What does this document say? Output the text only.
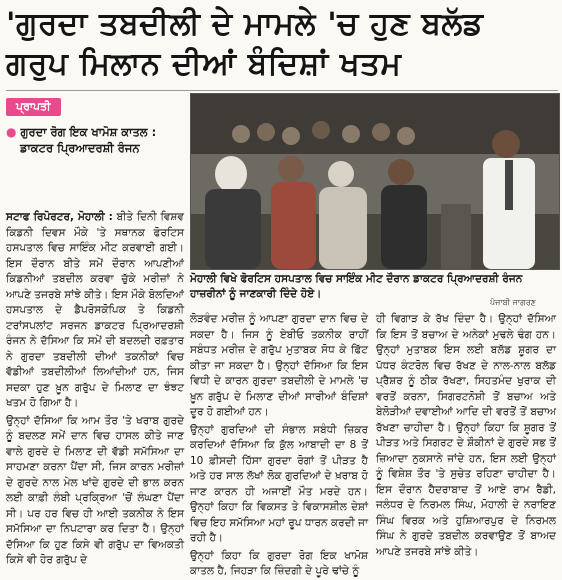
'ਗੁਰਦਾ ਤਬਦੀਲੀ ਦੇ ਮਾਮਲੇ 'ਚ ਹੁਣ ਬਲੱਡ
ਗਰੁਪ ਮਿਲਾਨ ਦੀਆਂ ਬੰਦਿਸ਼ਾਂ ਖਤਮ
ਪ੍ਰਾਪਤੀ
● ਗੁਰਦਾ ਰੋਗ ਇਕ ਖਾਮੋਸ਼ ਕਾਤਲ :
ਡਾਕਟਰ ਪ੍ਰਿਆਦਰਸ਼ੀ ਰੰਜਨ
ਮੋਹਾਲੀ ਵਿਖੇ ਫੋਰਟਿਸ ਹਸਪਤਾਲ ਵਿਚ ਸਾਇੰਕ ਮੀਟ ਦੌਰਾਨ ਡਾਕਟਰ ਪ੍ਰਿਆਦਰਸ਼ੀ ਰੰਜਨ ਹਾਜ਼ਰੀਨਾਂ ਨੂੰ ਜਾਣਕਾਰੀ ਦਿੰਦੇ ਹੋਏ।
ਪੰਜਾਬੀ ਜਾਗਰਣ

ਸਟਾਫ ਰਿਪੋਰਟਰ, ਮੋਹਾਲੀ : ਬੀਤੇ ਦਿਨੀ ਵਿਸ਼ਵ ਕਿਡਨੀ ਦਿਵਸ ਮੌਕੇ 'ਤੇ ਸਥਾਨਕ ਫੋਰਟਿਸ ਹਸਪਤਾਲ ਵਿਚ ਸਾਇੰਕ ਮੀਟ ਕਰਵਾਈ ਗਈ। ਇਸ ਦੌਰਾਨ ਬੀਤੇ ਸਮੇਂ ਦੌਰਾਨ ਆਪਣੀਆਂ ਕਿਡਨੀਆਂ ਤਬਦੀਲ ਕਰਵਾ ਚੁੱਕੇ ਮਰੀਜ਼ਾਂ ਨੇ ਆਪਣੇ ਤਜਰਬੇ ਸਾਂਝੇ ਕੀਤੇ। ਇਸ ਮੌਕੇ ਬੋਲਦਿਆਂ ਹਸਪਤਾਲ ਦੇ ਡੈਪਰੋਸਕੋਪਿਕ ਤੇ ਕਿਡਨੀ ਟਰਾਂਸਪਲਾਂਟ ਸਰਜਨ ਡਾਕਟਰ ਪ੍ਰਿਆਦਰਸ਼ੀ ਰੰਜਨ ਨੇ ਦੱਸਿਆ ਕਿ ਸਮੇਂ ਦੀ ਬਦਲਦੀ ਰਫ਼ਤਾਰ ਨੇ ਗੁਰਦਾ ਤਬਦੀਲੀ ਦੀਆਂ ਤਕਨੀਕਾਂ ਵਿਚ ਵੱਡੀਆਂ ਤਬਦੀਲੀਆਂ ਲਿਆਂਦੀਆਂ ਹਨ, ਜਿਸ ਸਦਕਾ ਹੁਣ ਖ਼ੂਨ ਗਰੁੱਪ ਦੇ ਮਿਲਾਣ ਦਾ ਝੰਝਟ ਖਤਮ ਹੋ ਗਿਆ ਹੈ।

ਉਨ੍ਹਾਂ ਦੱਸਿਆ ਕਿ ਆਮ ਤੌਰ 'ਤੇ ਖਰਾਬ ਗੁਰਦੇ ਨੂੰ ਬਦਲਣ ਸਮੇਂ ਦਾਨ ਵਿਚ ਹਾਸਲ ਕੀਤੇ ਜਾਣ ਵਾਲੇ ਗੁਰਦੇ ਦੇ ਮਿਲਾਣ ਦੀ ਵੱਡੀ ਸਮੱਸਿਆ ਦਾ ਸਾਹਮਣਾ ਕਰਨਾ ਪੈਂਦਾ ਸੀ, ਜਿਸ ਕਾਰਨ ਮਰੀਜ਼ਾਂ ਦੇ ਗੁਰਦੇ ਨਾਲ ਮੇਲ ਖਾਂਦੇ ਗੁਰਦੇ ਦੀ ਭਾਲ ਕਰਨ ਲਈ ਕਾਫ਼ੀ ਲੰਬੀ ਪ੍ਰਕ੍ਰਿਆ 'ਚੋਂ ਲੰਘਣਾ ਪੈਂਦਾ ਸੀ। ਪਰ ਹਰ ਵਿਚ ਹੀ ਆਈ ਤਕਨੀਕ ਨੇ ਇਸ ਸਮੱਸਿਆ ਦਾ ਨਿਪਟਾਰਾ ਕਰ ਦਿਤਾ ਹੈ। ਉਨ੍ਹਾਂ ਦੱਸਿਆ ਕਿ ਹੁਣ ਕਿਸੇ ਵੀ ਗਰੁੱਪ ਦਾ ਵਿਅਕਤੀ ਕਿਸੇ ਵੀ ਹੋਰ ਗਰੁੱਪ ਦੇ

ਲੋੜਵੰਦ ਮਰੀਜ਼ ਨੂੰ ਆਪਣਾ ਗੁਰਦਾ ਦਾਨ ਵਿਚ ਦੇ ਸਕਦਾ ਹੈ। ਜਿਸ ਨੂੰ ਏਬੀਓ ਤਕਨੀਕ ਰਾਹੀਂ ਸਬੰਧਤ ਮਰੀਜ਼ ਦੇ ਗਰੁੱਪ ਮੁਤਾਬਕ ਸੋਧ ਕੇ ਫਿੱਟ ਕੀਤਾ ਜਾ ਸਕਦਾ ਹੈ। ਉਨ੍ਹਾਂ ਦੱਸਿਆ ਕਿ ਇਸ ਵਿਧੀ ਦੇ ਕਾਰਨ ਗੁਰਦਾ ਤਬਦੀਲੀ ਦੇ ਮਾਮਲੇ 'ਚ ਖ਼ੂਨ ਗਰੁੱਪ ਦੇ ਮਿਲਾਣ ਦੀਆਂ ਸਾਰੀਆਂ ਬੰਦਿਸ਼ਾਂ ਦੂਰ ਹੋ ਗਈਆਂ ਹਨ।

ਉਨ੍ਹਾਂ ਗੁਰਦਿਆਂ ਦੀ ਸੰਭਾਲ ਸਬੰਧੀ ਜ਼ਿਕਰ ਕਰਦਿਆਂ ਦੱਸਿਆ ਕਿ ਕੁੱਲ ਆਬਾਦੀ ਦਾ 8 ਤੋਂ 10 ਫ਼ੀਸਦੀ ਹਿੱਸਾ ਗੁਰਦਾ ਰੋਗਾਂ ਤੋਂ ਪੀੜਤ ਹੈ ਅਤੇ ਹਰ ਸਾਲ ਲੱਖਾਂ ਲੋਕ ਗੁਰਦਿਆਂ ਦੇ ਖ਼ਰਾਬ ਹੋ ਜਾਣ ਕਾਰਨ ਹੀ ਅਜਾਈਂ ਮੌਤ ਮਰਦੇ ਹਨ। ਉਨ੍ਹਾਂ ਕਿਹਾ ਕਿ ਵਿਕਸਤ ਤੇ ਵਿਕਾਸਸ਼ੀਲ ਦੇਸ਼ਾਂ ਵਿਚ ਇਹ ਸਮੱਸਿਆ ਮਹਾਂ ਰੂਪ ਧਾਰਨ ਕਰਦੀ ਜਾ ਰਹੀ ਹੈ।

ਉਨ੍ਹਾਂ ਕਿਹਾ ਕਿ ਗੁਰਦਾ ਰੋਗ ਇਕ ਖਾਮੋਸ਼ ਕਾਤਲ ਹੈ, ਜਿਹੜਾ ਕਿ ਜ਼ਿੰਦਗੀ ਦੇ ਪੂਰੇ ਢਾਂਚੇ ਨੂੰ

ਹੀ ਵਿਗਾੜ ਕੇ ਰੱਖ ਦਿੰਦਾ ਹੈ। ਉਨ੍ਹਾਂ ਦੱਸਿਆ ਕਿ ਇਸ ਤੋਂ ਬਚਾਅ ਦੇ ਅਨੇਕਾਂ ਮੁਢਲੇ ਢੰਗ ਹਨ। ਉਨ੍ਹਾਂ ਮੁਤਾਬਕ ਇਸ ਲਈ ਬਲੱਡ ਸ਼ੂਗਰ ਦਾ ਪੱਧਰ ਕੰਟਰੋਲ ਵਿਚ ਰੱਖਣ ਦੇ ਨਾਲ-ਨਾਲ ਬਲੱਡ ਪ੍ਰੈਸ਼ਰ ਨੂੰ ਠੀਕ ਰੱਖਣਾ, ਸਿਹਤਮੰਦ ਖੁਰਾਕ ਦੀ ਵਰਤੋਂ ਕਰਨਾ, ਸਿਗਰਟਨੋਸ਼ੀ ਤੋਂ ਬਚਾਅ ਅਤੇ ਬੇਲੋੜੀਆਂ ਦਵਾਈਆਂ ਆਦਿ ਦੀ ਵਰਤੋਂ ਤੋਂ ਬਚਾਅ ਰੱਖਣਾ ਚਾਹੀਦਾ ਹੈ। ਉਨ੍ਹਾਂ ਕਿਹਾ ਕਿ ਸ਼ੂਗਰ ਤੋਂ ਪੀੜਤ ਅਤੇ ਸਿਗਰਟ ਦੇ ਸ਼ੌਕੀਨਾਂ ਦੇ ਗੁਰਦੇ ਸਭ ਤੋਂ ਜ਼ਿਆਦਾ ਨੁਕਸਾਨੇ ਜਾਂਦੇ ਹਨ, ਇਸ ਲਈ ਉਨ੍ਹਾਂ ਨੂੰ ਵਿਸ਼ੇਸ਼ ਤੌਰ 'ਤੇ ਸੁਚੇਤ ਰਹਿਣਾ ਚਾਹੀਦਾ ਹੈ। ਇਸ ਦੌਰਾਨ ਹੈਦਰਾਬਾਦ ਤੋਂ ਆਏ ਰਾਮ ਰੈਡੀ, ਜਲੰਧਰ ਦੇ ਨਿਰਮਲ ਸਿੰਘ, ਮੋਹਾਲੀ ਦੇ ਨਰਾਇਣ ਸਿੰਘ ਵਿਰਕ ਅਤੇ ਹੁਸ਼ਿਆਰਪੁਰ ਦੇ ਨਿਰਮਲ ਸਿੰਘ ਨੇ ਗੁਰਦੇ ਤਬਦੀਲ ਕਰਵਾਉਣ ਤੋਂ ਬਾਅਦ ਆਪਣੇ ਤਜਰਬੇ ਸਾਂਝੇ ਕੀਤੇ।
